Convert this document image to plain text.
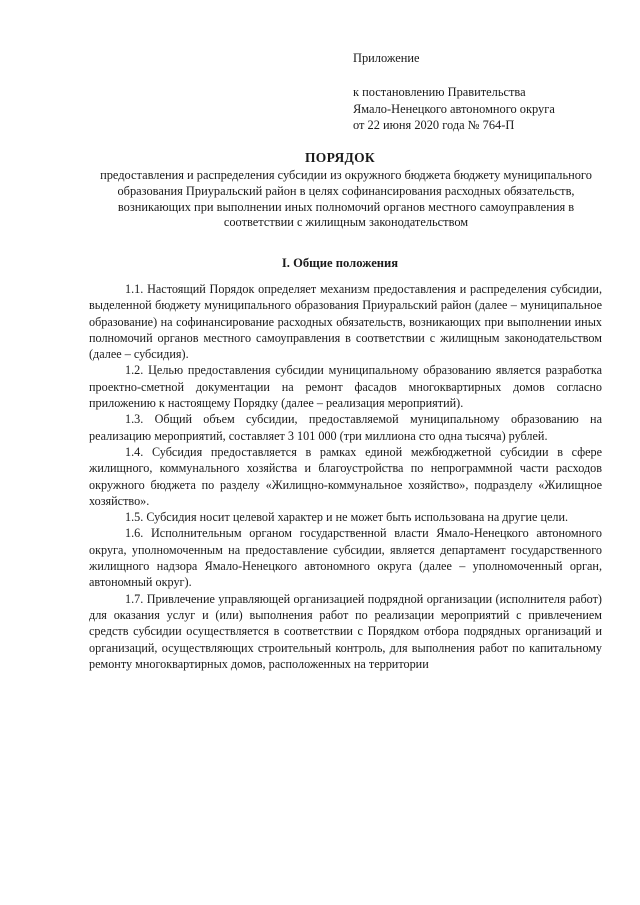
Приложение
к постановлению Правительства
Ямало-Ненецкого автономного округа
от 22 июня 2020 года № 764-П
ПОРЯДОК
предоставления и распределения субсидии из окружного бюджета бюджету муниципального образования Приуральский район в целях софинансирования расходных обязательств, возникающих при выполнении иных полномочий органов местного самоуправления в соответствии с жилищным законодательством
I. Общие положения

1.1. Настоящий Порядок определяет механизм предоставления и распределения субсидии, выделенной бюджету муниципального образования Приуральский район (далее – муниципальное образование) на софинансирование расходных обязательств, возникающих при выполнении иных полномочий органов местного самоуправления в соответствии с жилищным законодательством (далее – субсидия).

1.2. Целью предоставления субсидии муниципальному образованию является разработка проектно-сметной документации на ремонт фасадов многоквартирных домов согласно приложению к настоящему Порядку (далее – реализация мероприятий).

1.3. Общий объем субсидии, предоставляемой муниципальному образованию на реализацию мероприятий, составляет 3 101 000 (три миллиона сто одна тысяча) рублей.

1.4. Субсидия предоставляется в рамках единой межбюджетной субсидии в сфере жилищного, коммунального хозяйства и благоустройства по непрограммной части расходов окружного бюджета по разделу «Жилищно-коммунальное хозяйство», подразделу «Жилищное хозяйство».

1.5. Субсидия носит целевой характер и не может быть использована на другие цели.

1.6. Исполнительным органом государственной власти Ямало-Ненецкого автономного округа, уполномоченным на предоставление субсидии, является департамент государственного жилищного надзора Ямало-Ненецкого автономного округа (далее – уполномоченный орган, автономный округ).

1.7. Привлечение управляющей организацией подрядной организации (исполнителя работ) для оказания услуг и (или) выполнения работ по реализации мероприятий с привлечением средств субсидии осуществляется в соответствии с Порядком отбора подрядных организаций и организаций, осуществляющих строительный контроль, для выполнения работ по капитальному ремонту многоквартирных домов, расположенных на территории
